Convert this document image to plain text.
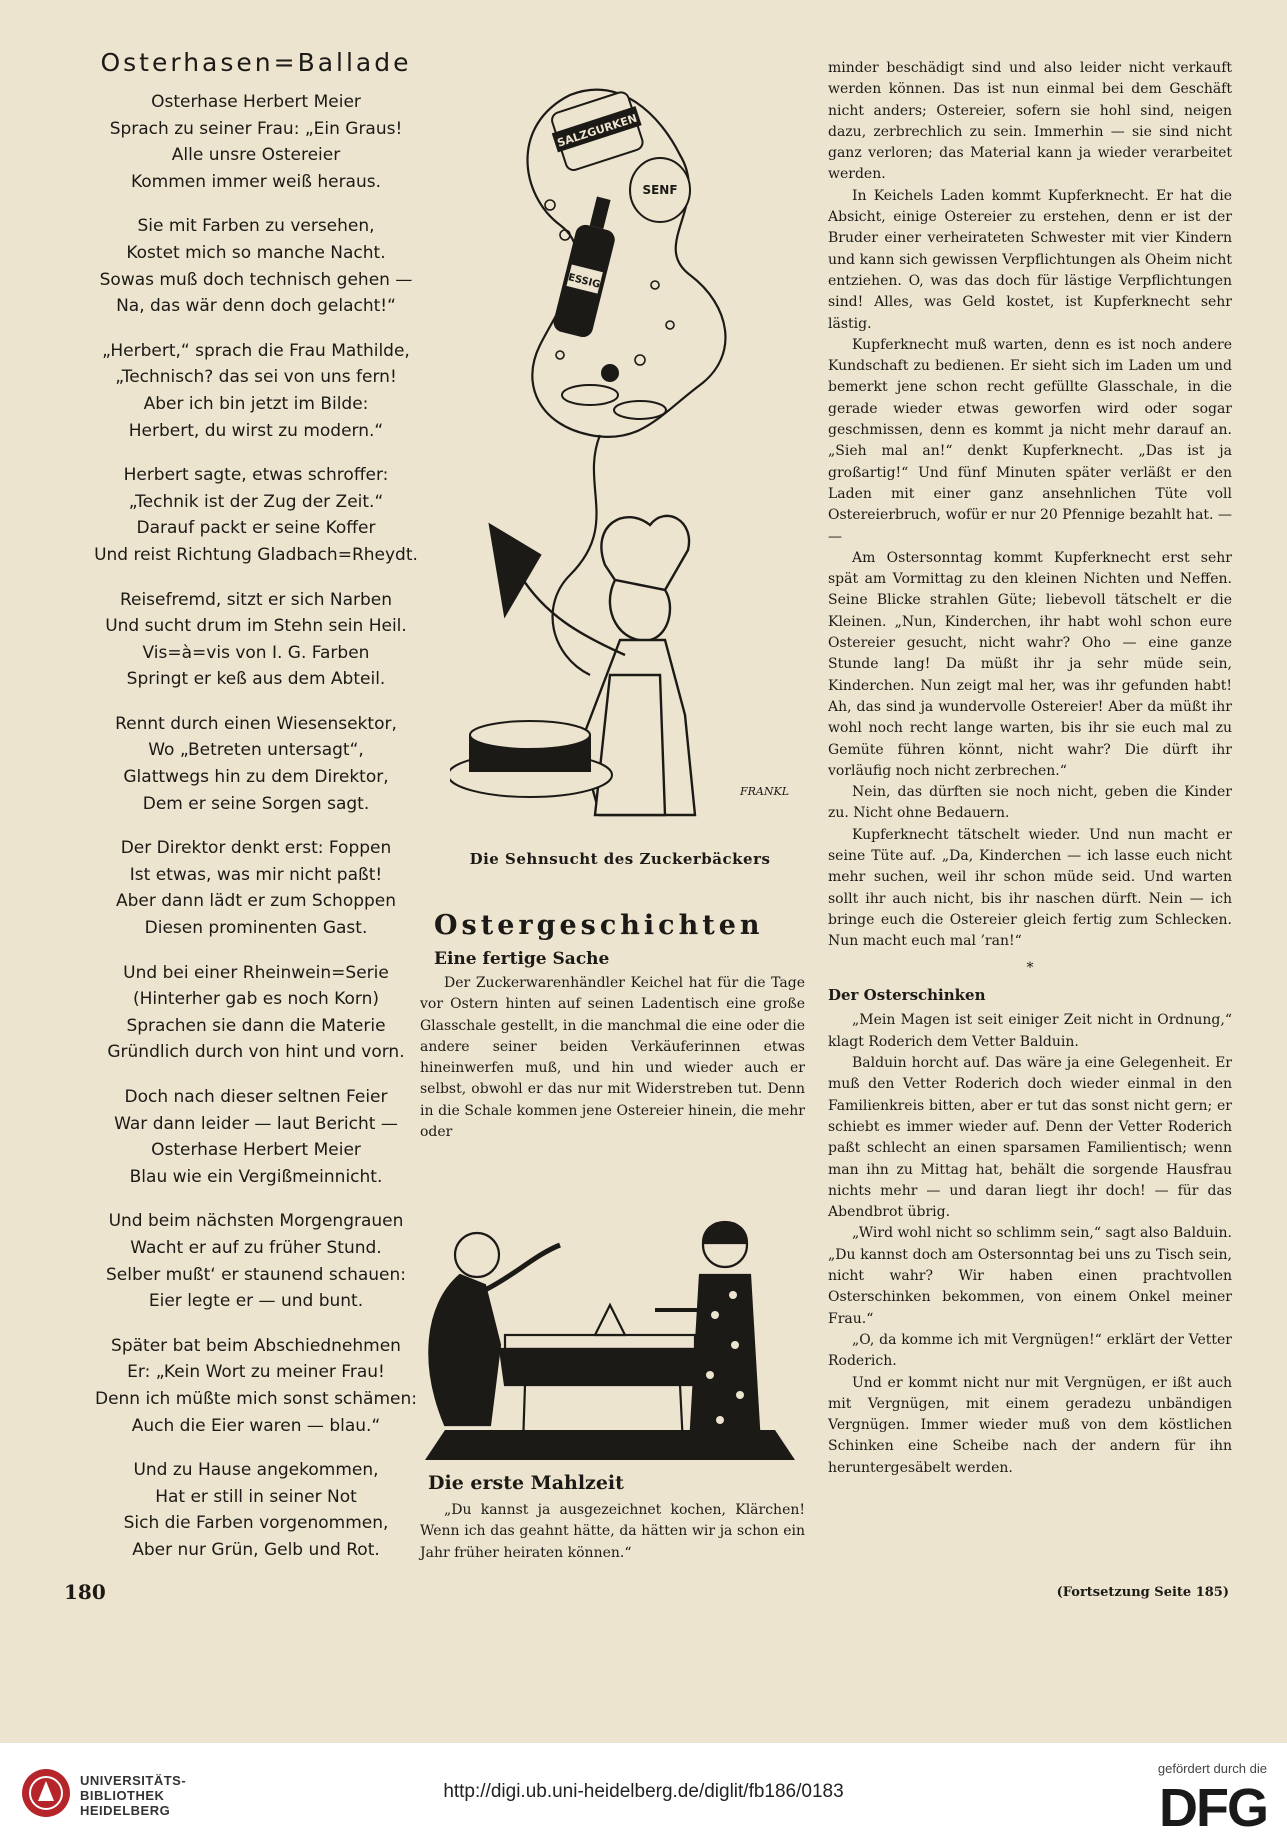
Osterhasen=Ballade
Osterhase Herbert Meier
Sprach zu seiner Frau: „Ein Graus!
Alle unsre Ostereier
Kommen immer weiß heraus.
Sie mit Farben zu versehen,
Kostet mich so manche Nacht.
Sowas muß doch technisch gehen —
Na, das wär denn doch gelacht!“
„Herbert,“ sprach die Frau Mathilde,
„Technisch? das sei von uns fern!
Aber ich bin jetzt im Bilde:
Herbert, du wirst zu modern.“
Herbert sagte, etwas schroffer:
„Technik ist der Zug der Zeit.“
Darauf packt er seine Koffer
Und reist Richtung Gladbach=Rheydt.
Reisefremd, sitzt er sich Narben
Und sucht drum im Stehn sein Heil.
Vis=à=vis von I. G. Farben
Springt er keß aus dem Abteil.
Rennt durch einen Wiesensektor,
Wo „Betreten untersagt“,
Glattwegs hin zu dem Direktor,
Dem er seine Sorgen sagt.
Der Direktor denkt erst: Foppen
Ist etwas, was mir nicht paßt!
Aber dann lädt er zum Schoppen
Diesen prominenten Gast.
Und bei einer Rheinwein=Serie
(Hinterher gab es noch Korn)
Sprachen sie dann die Materie
Gründlich durch von hint und vorn.
Doch nach dieser seltnen Feier
War dann leider — laut Bericht —
Osterhase Herbert Meier
Blau wie ein Vergißmeinnicht.
Und beim nächsten Morgengrauen
Wacht er auf zu früher Stund.
Selber mußt‘ er staunend schauen:
Eier legte er — und bunt.
Später bat beim Abschiednehmen
Er: „Kein Wort zu meiner Frau!
Denn ich müßte mich sonst schämen:
Auch die Eier waren — blau.“
Und zu Hause angekommen,
Hat er still in seiner Not
Sich die Farben vorgenommen,
Aber nur Grün, Gelb und Rot.
180
SALZGURKEN
SENF
ESSIG
FRANKL
Die Sehnsucht des Zuckerbäckers
Ostergeschichten
Eine fertige Sache

Der Zuckerwarenhändler Keichel hat für die Tage vor Ostern hinten auf seinen Ladentisch eine große Glasschale gestellt, in die manchmal die eine oder die andere seiner beiden Verkäuferinnen etwas hineinwerfen muß, und hin und wieder auch er selbst, obwohl er das nur mit Widerstreben tut. Denn in die Schale kommen jene Ostereier hinein, die mehr oder

FRANKL
Die erste Mahlzeit

„Du kannst ja ausgezeichnet kochen, Klärchen! Wenn ich das geahnt hätte, da hätten wir ja schon ein Jahr früher heiraten können.“

minder beschädigt sind und also leider nicht verkauft werden können. Das ist nun einmal bei dem Geschäft nicht anders; Ostereier, sofern sie hohl sind, neigen dazu, zerbrechlich zu sein. Immerhin — sie sind nicht ganz verloren; das Material kann ja wieder verarbeitet werden.

In Keichels Laden kommt Kupferknecht. Er hat die Absicht, einige Ostereier zu erstehen, denn er ist der Bruder einer verheirateten Schwester mit vier Kindern und kann sich gewissen Verpflichtungen als Oheim nicht entziehen. O, was das doch für lästige Verpflichtungen sind! Alles, was Geld kostet, ist Kupferknecht sehr lästig.

Kupferknecht muß warten, denn es ist noch andere Kundschaft zu bedienen. Er sieht sich im Laden um und bemerkt jene schon recht gefüllte Glasschale, in die gerade wieder etwas geworfen wird oder sogar geschmissen, denn es kommt ja nicht mehr darauf an. „Sieh mal an!“ denkt Kupferknecht. „Das ist ja großartig!“ Und fünf Minuten später verläßt er den Laden mit einer ganz ansehnlichen Tüte voll Ostereierbruch, wofür er nur 20 Pfennige bezahlt hat. — —

Am Ostersonntag kommt Kupferknecht erst sehr spät am Vormittag zu den kleinen Nichten und Neffen. Seine Blicke strahlen Güte; liebevoll tätschelt er die Kleinen. „Nun, Kinderchen, ihr habt wohl schon eure Ostereier gesucht, nicht wahr? Oho — eine ganze Stunde lang! Da müßt ihr ja sehr müde sein, Kinderchen. Nun zeigt mal her, was ihr gefunden habt! Ah, das sind ja wundervolle Ostereier! Aber da müßt ihr wohl noch recht lange warten, bis ihr sie euch mal zu Gemüte führen könnt, nicht wahr? Die dürft ihr vorläufig noch nicht zerbrechen.“

Nein, das dürften sie noch nicht, geben die Kinder zu. Nicht ohne Bedauern.

Kupferknecht tätschelt wieder. Und nun macht er seine Tüte auf. „Da, Kinderchen — ich lasse euch nicht mehr suchen, weil ihr schon müde seid. Und warten sollt ihr auch nicht, bis ihr naschen dürft. Nein — ich bringe euch die Ostereier gleich fertig zum Schlecken. Nun macht euch mal ’ran!“

*
Der Osterschinken

„Mein Magen ist seit einiger Zeit nicht in Ordnung,“ klagt Roderich dem Vetter Balduin.

Balduin horcht auf. Das wäre ja eine Gelegenheit. Er muß den Vetter Roderich doch wieder einmal in den Familienkreis bitten, aber er tut das sonst nicht gern; er schiebt es immer wieder auf. Denn der Vetter Roderich paßt schlecht an einen sparsamen Familientisch; wenn man ihn zu Mittag hat, behält die sorgende Hausfrau nichts mehr — und daran liegt ihr doch! — für das Abendbrot übrig.

„Wird wohl nicht so schlimm sein,“ sagt also Balduin. „Du kannst doch am Ostersonntag bei uns zu Tisch sein, nicht wahr? Wir haben einen prachtvollen Osterschinken bekommen, von einem Onkel meiner Frau.“

„O, da komme ich mit Vergnügen!“ erklärt der Vetter Roderich.

Und er kommt nicht nur mit Vergnügen, er ißt auch mit Vergnügen, mit einem geradezu unbändigen Vergnügen. Immer wieder muß von dem köstlichen Schinken eine Scheibe nach der andern für ihn heruntergesäbelt werden.

(Fortsetzung Seite 185)
UNIVERSITÄTS-
BIBLIOTHEK
HEIDELBERG
http://digi.ub.uni-heidelberg.de/diglit/fb186/0183
gefördert durch die
DFG
